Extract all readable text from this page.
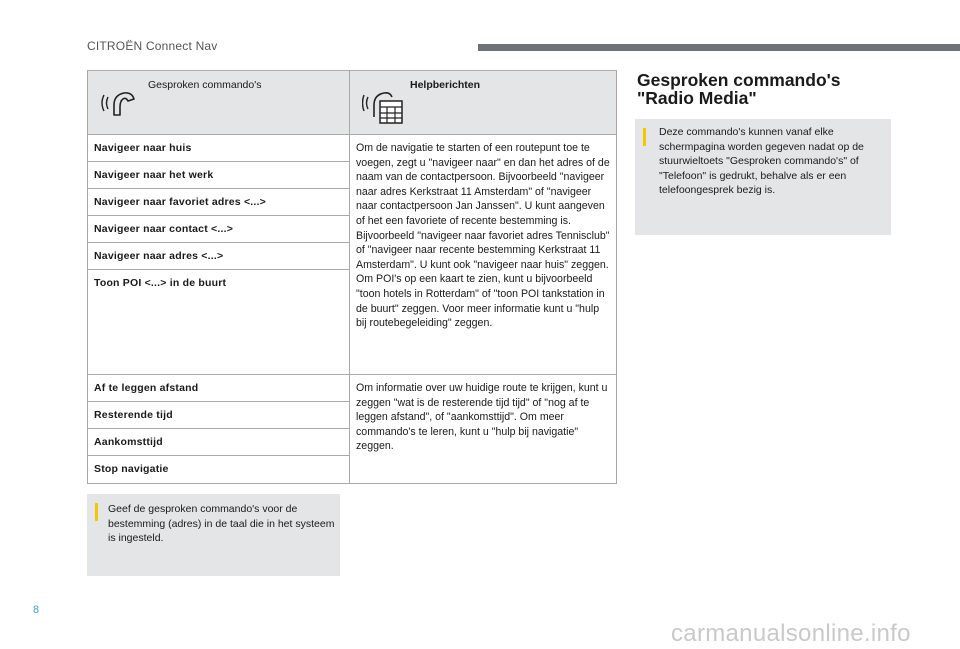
CITROËN Connect Nav
Gesproken commando's	Helpberichten

Navigeer naar huis	Om de navigatie te starten of een routepunt toe te voegen, zegt u "navigeer naar" en dan het adres of de naam van de contactpersoon. Bijvoorbeeld "navigeer naar adres Kerkstraat 11 Amsterdam" of "navigeer naar contactpersoon Jan Janssen". U kunt aangeven of het een favoriete of recente bestemming is. Bijvoorbeeld "navigeer naar favoriet adres Tennisclub" of "navigeer naar recente bestemming Kerkstraat 11 Amsterdam". U kunt ook "navigeer naar huis" zeggen. Om POI's op een kaart te zien, kunt u bijvoorbeeld "toon hotels in Rotterdam" of "toon POI tankstation in de buurt" zeggen. Voor meer informatie kunt u "hulp bij routebegeleiding" zeggen.
Navigeer naar het werk	
Navigeer naar favoriet adres <...>	
Navigeer naar contact <...>	
Navigeer naar adres <...>	
Toon POI <...> in de buurt	
Af te leggen afstand	Om informatie over uw huidige route te krijgen, kunt u zeggen "wat is de resterende tijd tijd" of "nog af te leggen afstand", of "aankomsttijd". Om meer commando's te leren, kunt u "hulp bij navigatie" zeggen.
Resterende tijd	
Aankomsttijd	
Stop navigatie	
Geef de gesproken commando's voor de bestemming (adres) in de taal die in het systeem is ingesteld.
Gesproken commando's "Radio Media"
Deze commando's kunnen vanaf elke schermpagina worden gegeven nadat op de stuurwieltoets "Gesproken commando's" of "Telefoon" is gedrukt, behalve als er een telefoongesprek bezig is.
8
carmanualsonline.info
